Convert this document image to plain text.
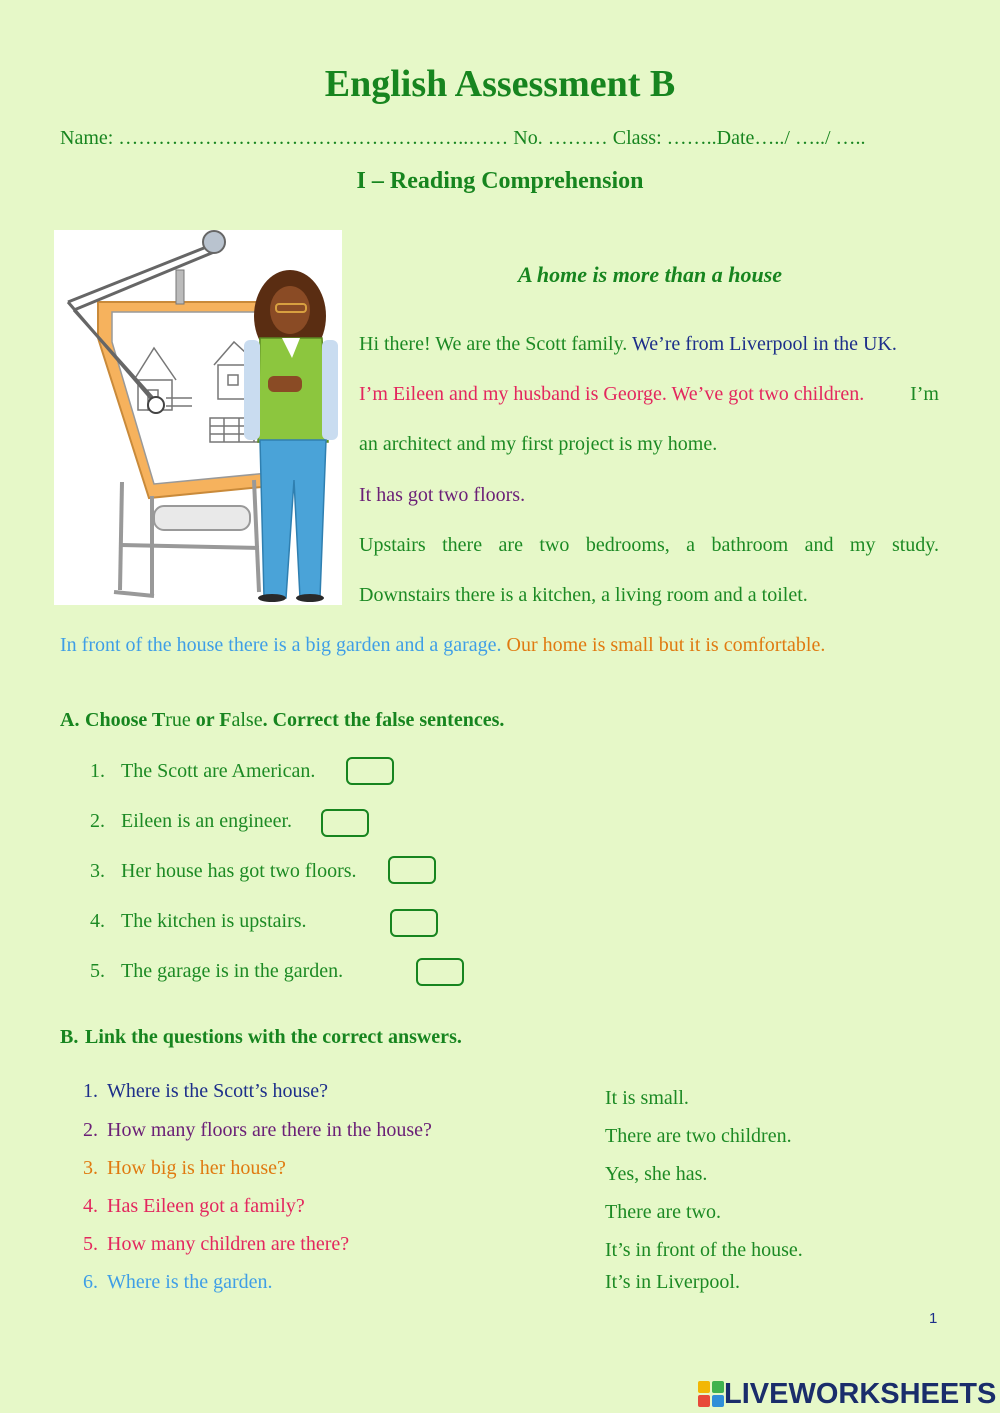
English Assessment B
Name: ……………………………………………..…… No. ……… Class: ……..Date…../ …../ …..
I – Reading Comprehension
A home is more than a house
Hi there! We are the Scott family. We’re from Liverpool in the UK.
I’m Eileen and my husband is George. We’ve got two children. I’m
an architect and my first project is my home.
It has got two floors.
Upstairs there are two bedrooms, a bathroom and my study.
Downstairs there is a kitchen, a living room and a toilet.
In front of the house there is a big garden and a garage. Our home is small but it is comfortable.
A. Choose True or False. Correct the false sentences.
1. The Scott are American.
2. Eileen is an engineer.
3. Her house has got two floors.
4. The kitchen is upstairs.
5. The garage is in the garden.
B. Link the questions with the correct answers.
1. Where is the Scott’s house?
2. How many floors are there in the house?
3. How big is her house?
4. Has Eileen got a family?
5. How many children are there?
6. Where is the garden.
It is small.
There are two children.
Yes, she has.
There are two.
It’s in front of the house.
It’s in Liverpool.
1
LIVEWORKSHEETS
